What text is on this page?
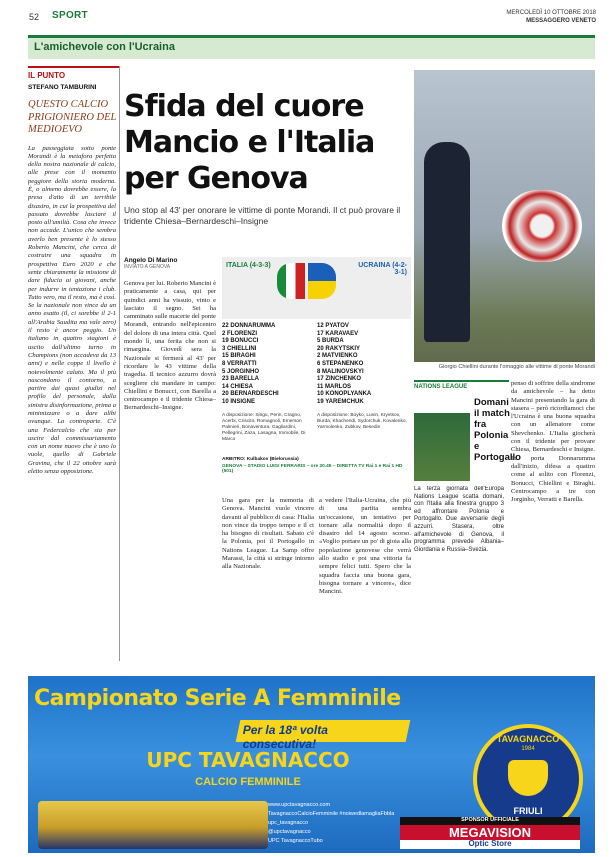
52 SPORT	MERCOLEDÌ 10 OTTOBRE 2018
MESSAGGERO VENETO
L'amichevole con l'Ucraina
IL PUNTO
STEFANO TAMBURINI
QUESTO CALCIO PRIGIONIERO DEL MEDIOEVO
La passeggiata sotto ponte Morandi è la metafora perfetta della nostra nazionale di calcio, alle prese con il momento peggiore della storia moderna. È, o almeno dovrebbe essere, la presa d'atto di un terribile disastro, in cui la prospettiva del passato dovrebbe lasciare il posto all'umiltà. Cosa che invece non accade. L'unico che sembra averlo ben presente è lo stesso Roberto Mancini, che cerca di costruire una squadra in prospettiva Euro 2020 e che sente chiaramente la missione di dare fiducia ai giovani, anche per indurre in tentazione i club. Tutto vero, ma il resto, ma è così. Se la nazionale non vince da un anno esatto (il, ci sarebbe il 2-1 all'Arabia Saudita ma vale zero) il resto è ancor peggio. Un italiano in quattro stagioni è uscito dall'ultimo turno in Champions (non accadeva da 13 anni) e nelle coppe il livello è notevolmente calato. Ma il più nascondono il contorno, a partire dai quasi giudizi nel profilo del personale, dalla sinistra disinformazione, prima a minimizzare o a dare alibi ovunque. La controparte. C'è una Federcalcio che sta per uscire dal commissariamento con un nome nuovo che è uno lo vuole, quello di Gabriele Gravina, che il 22 ottobre sarà eletto senza opposizione.
Sfida del cuore Mancio e l'Italia per Genova
Uno stop al 43' per onorare le vittime di ponte Morandi. Il ct può provare il tridente Chiesa–Bernardeschi–Insigne
Angelo Di Marino
INVIATO A GENOVA
Genova per lui. Roberto Mancini è praticamente a casa, qui per quindici anni ha vissuto, vinto e lasciato il segno. Sei ha camminato sulle macerie del ponte Morandi, entrando nell'epicentro del dolore di una intera città. Quel mondo lì, una ferita che non si rimargina. Giovedì sera la Nazionale si fermerà al 43' per ricordare le 43 vittime della tragedia. Il tecnico azzurro dovrà scegliere chi mandare in campo: Chiellini e Bonucci, con Barella a centrocampo e il tridente Chiesa–Bernardeschi–Insigne.
ITALIA (4-3-3)	UCRAINA (4-2-3-1)
22 DONNARUMMA
2 FLORENZI
19 BONUCCI
3 CHIELLINI
15 BIRAGHI
8 VERRATTI
5 JORGINHO
23 BARELLA
14 CHIESA
20 BERNARDESCHI
10 INSIGNE
12 PYATOV
17 KARAVAEV
5 BURDA
20 RAKYTSKIY
2 MATVIENKO
6 STEPANENKO
8 MALINOVSKYI
17 ZINCHENKO
11 MARLOS
10 KONOPLYANKA
19 YAREMCHUK
A disposizione: Sirigu, Perin, Cragno, Acerbi, Criscito, Romagnoli, Emerson Palmieri, Bonaventura, Gagliardini, Pellegrini, Zaza, Lasagna, Immobile, Di Marco
A disposizione: Boyko, Lunin, Kryvtsov, Burda, Khacheridi, Sydorchuk, Kovalenko, Yarmolenko, Zubkov, Besedin
ARBITRO: Kulbakov (Bielorussia)
GENOVA – STADIO LUIGI FERRARIS – ore 20.45 – DIRETTA TV Rai 1 e Rai 1 HD (501)
Una gara per la memoria di Genova. Mancini vuole vincere davanti al pubblico di casa: l'Italia non vince da troppo tempo e il ct ha bisogno di risultati. Sabato c'è la Polonia, poi il Portogallo in Nations League. La Samp offre Marassi, la città si stringe intorno alla Nazionale.
a vedere l'Italia-Ucraina, che più di una partita sembra un'occasione, un tentativo per tornare alla normalità dopo il disastro del 14 agosto scorso. «Voglio portare un po' di gioia alla popolazione genovese che verrà allo stadio e poi una vittoria fa sempre felici tutti. Spero che la squadra faccia una buona gara, bisogna tornare a vincere», dice Mancini.
Giorgio Chiellini durante l'omaggio alle vittime di ponte Morandi
NATIONS LEAGUE
Domani il match fra Polonia e Portogallo
La terza giornata dell'Europa Nations League scatta domani, con l'Italia alla finestra gruppo 3 ed affrontare Polonia e Portogallo. Due avversarie degli azzurri. Stasera, oltre all'amichevole di Genova, il programma prevede Albania–Giordania e Russia–Svezia.
penso di soffrire della sindrome da amichevole – ha detto Mancini presentando la gara di stasera – però ricordiamoci che l'Ucraina è una buona squadra con un allenatore come Shevchenko. L'Italia giocherà con il tridente per provare Chiesa, Bernardeschi e Insigne. In porta Donnarumma dall'inizio, difesa a quattro come al solito con Florenzi, Bonucci, Chiellini e Biraghi. Centrocampo a tre con Jorginho, Verratti e Barella.
Campionato Serie A Femminile
Per la 18ª volta consecutiva!
UPC TAVAGNACCO
CALCIO FEMMINILE
TAVAGNACCO
1984
FRIULI
www.upctavagnacco.com
TavagnaccoCalcioFemminile #noiwedlamagliaFbbla
upc_tavagnacco
@upctavagnacco
UPC TavagnaccoTubo
SPONSOR UFFICIALE
MEGAVISION
Optic Store
